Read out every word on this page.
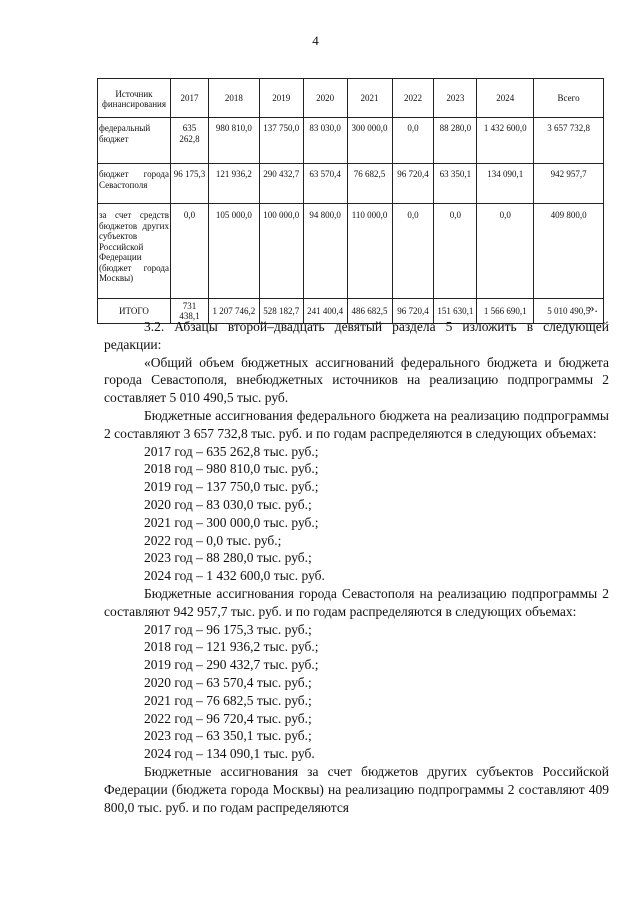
4
Источник финансирования	2017	2018	2019	2020	2021	2022	2023	2024	Всего
федеральный бюджет	635 262,8	980 810,0	137 750,0	83 030,0	300 000,0	0,0	88 280,0	1 432 600,0	3 657 732,8
бюджет города Севастополя	96 175,3	121 936,2	290 432,7	63 570,4	76 682,5	96 720,4	63 350,1	134 090,1	942 957,7
за счет средств бюджетов других субъектов Российской Федерации (бюджет города Москвы)	0,0	105 000,0	100 000,0	94 800,0	110 000,0	0,0	0,0	0,0	409 800,0
ИТОГО	731 438,1	1 207 746,2	528 182,7	241 400,4	486 682,5	96 720,4	151 630,1	1 566 690,1	5 010 490,5
».

3.2. Абзацы второй–двадцать девятый раздела 5 изложить в следующей редакции:

«Общий объем бюджетных ассигнований федерального бюджета и бюджета города Севастополя, внебюджетных источников на реализацию подпрограммы 2 составляет 5 010 490,5 тыс. руб.

Бюджетные ассигнования федерального бюджета на реализацию подпрограммы 2 составляют 3 657 732,8 тыс. руб. и по годам распределяются в следующих объемах:

2017 год – 635 262,8 тыс. руб.;
2018 год – 980 810,0 тыс. руб.;
2019 год – 137 750,0 тыс. руб.;
2020 год – 83 030,0 тыс. руб.;
2021 год – 300 000,0 тыс. руб.;
2022 год – 0,0 тыс. руб.;
2023 год – 88 280,0 тыс. руб.;
2024 год – 1 432 600,0 тыс. руб.

Бюджетные ассигнования города Севастополя на реализацию подпрограммы 2 составляют 942 957,7 тыс. руб. и по годам распределяются в следующих объемах:

2017 год – 96 175,3 тыс. руб.;
2018 год – 121 936,2 тыс. руб.;
2019 год – 290 432,7 тыс. руб.;
2020 год – 63 570,4 тыс. руб.;
2021 год – 76 682,5 тыс. руб.;
2022 год – 96 720,4 тыс. руб.;
2023 год – 63 350,1 тыс. руб.;
2024 год – 134 090,1 тыс. руб.

Бюджетные ассигнования за счет бюджетов других субъектов Российской Федерации (бюджета города Москвы) на реализацию подпрограммы 2 составляют 409 800,0 тыс. руб. и по годам распределяются
